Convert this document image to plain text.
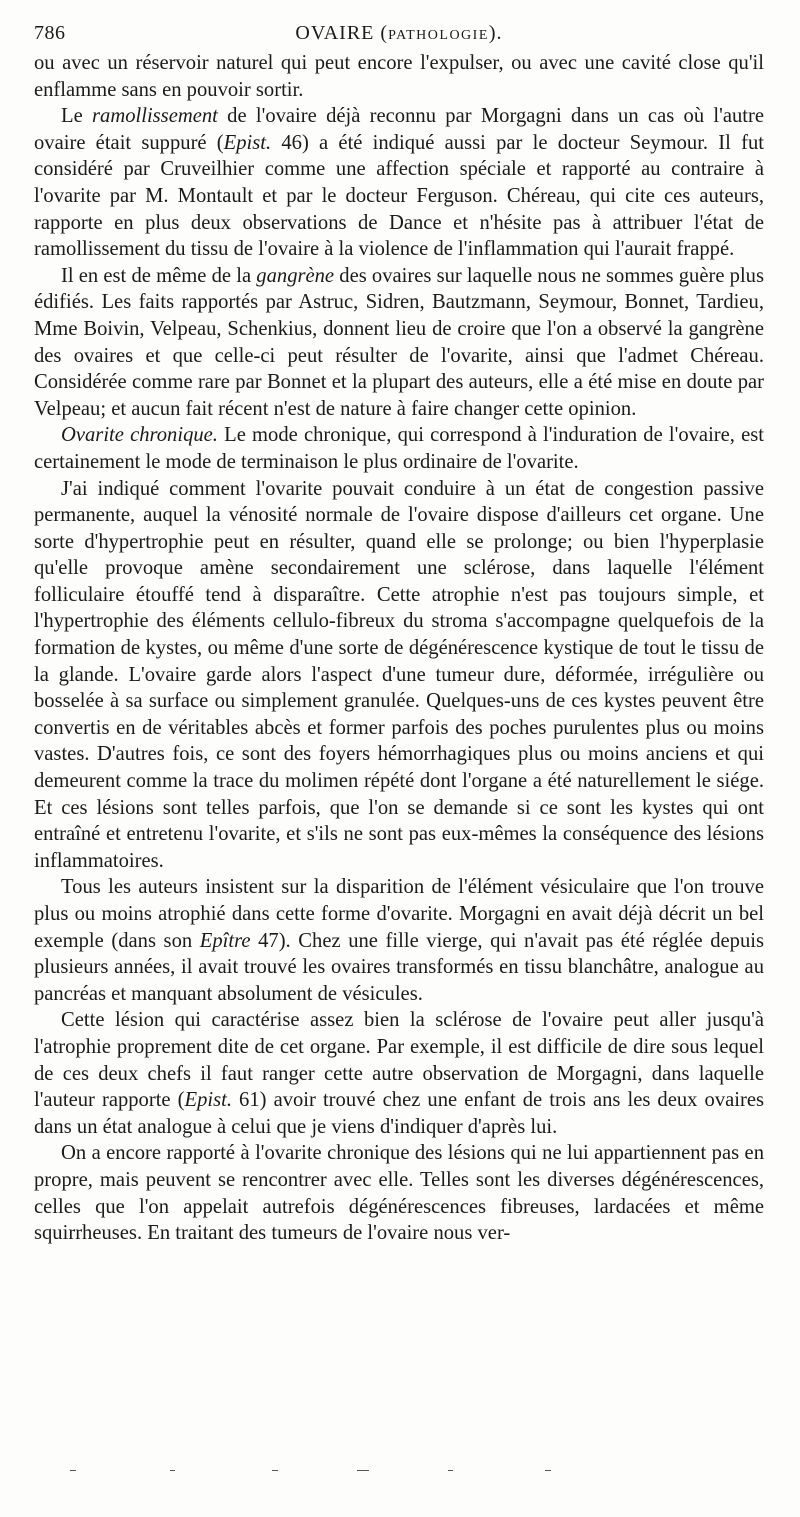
786	OVAIRE (PATHOLOGIE).

ou avec un réservoir naturel qui peut encore l'expulser, ou avec une cavité close qu'il enflamme sans en pouvoir sortir.

Le ramollissement de l'ovaire déjà reconnu par Morgagni dans un cas où l'autre ovaire était suppuré (Epist. 46) a été indiqué aussi par le docteur Seymour. Il fut considéré par Cruveilhier comme une affection spéciale et rapporté au contraire à l'ovarite par M. Montault et par le docteur Ferguson. Chéreau, qui cite ces auteurs, rapporte en plus deux observations de Dance et n'hésite pas à attribuer l'état de ramollissement du tissu de l'ovaire à la violence de l'inflammation qui l'aurait frappé.

Il en est de même de la gangrène des ovaires sur laquelle nous ne sommes guère plus édifiés. Les faits rapportés par Astruc, Sidren, Bautzmann, Seymour, Bonnet, Tardieu, Mme Boivin, Velpeau, Schenkius, donnent lieu de croire que l'on a observé la gangrène des ovaires et que celle-ci peut résulter de l'ovarite, ainsi que l'admet Chéreau. Considérée comme rare par Bonnet et la plupart des auteurs, elle a été mise en doute par Velpeau; et aucun fait récent n'est de nature à faire changer cette opinion.

Ovarite chronique. Le mode chronique, qui correspond à l'induration de l'ovaire, est certainement le mode de terminaison le plus ordinaire de l'ovarite.

J'ai indiqué comment l'ovarite pouvait conduire à un état de congestion passive permanente, auquel la vénosité normale de l'ovaire dispose d'ailleurs cet organe. Une sorte d'hypertrophie peut en résulter, quand elle se prolonge; ou bien l'hyperplasie qu'elle provoque amène secondairement une sclérose, dans laquelle l'élément folliculaire étouffé tend à disparaître. Cette atrophie n'est pas toujours simple, et l'hypertrophie des éléments cellulo-fibreux du stroma s'accompagne quelquefois de la formation de kystes, ou même d'une sorte de dégénérescence kystique de tout le tissu de la glande. L'ovaire garde alors l'aspect d'une tumeur dure, déformée, irrégulière ou bosselée à sa surface ou simplement granulée. Quelques-uns de ces kystes peuvent être convertis en de véritables abcès et former parfois des poches purulentes plus ou moins vastes. D'autres fois, ce sont des foyers hémorrhagiques plus ou moins anciens et qui demeurent comme la trace du molimen répété dont l'organe a été naturellement le siége. Et ces lésions sont telles parfois, que l'on se demande si ce sont les kystes qui ont entraîné et entretenu l'ovarite, et s'ils ne sont pas eux-mêmes la conséquence des lésions inflammatoires.

Tous les auteurs insistent sur la disparition de l'élément vésiculaire que l'on trouve plus ou moins atrophié dans cette forme d'ovarite. Morgagni en avait déjà décrit un bel exemple (dans son Epître 47). Chez une fille vierge, qui n'avait pas été réglée depuis plusieurs années, il avait trouvé les ovaires transformés en tissu blanchâtre, analogue au pancréas et manquant absolument de vésicules.

Cette lésion qui caractérise assez bien la sclérose de l'ovaire peut aller jusqu'à l'atrophie proprement dite de cet organe. Par exemple, il est difficile de dire sous lequel de ces deux chefs il faut ranger cette autre observation de Morgagni, dans laquelle l'auteur rapporte (Epist. 61) avoir trouvé chez une enfant de trois ans les deux ovaires dans un état analogue à celui que je viens d'indiquer d'après lui.

On a encore rapporté à l'ovarite chronique des lésions qui ne lui appartiennent pas en propre, mais peuvent se rencontrer avec elle. Telles sont les diverses dégénérescences, celles que l'on appelait autrefois dégénérescences fibreuses, lardacées et même squirrheuses. En traitant des tumeurs de l'ovaire nous ver-
